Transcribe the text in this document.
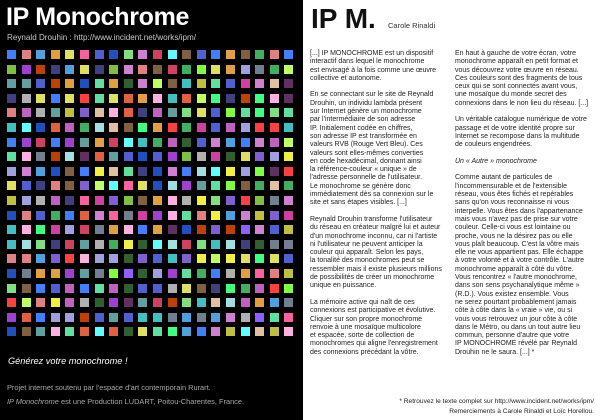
IP Monochrome
Reynald Drouhin : http://www.incident.net/works/ipm/
Générez votre monochrome !
Projet internet soutenu par l'espace d'art contemporain Rurart.
IP Monochrome est une Production LUDART, Poitou-Charentes, France.
IP M. Carole Rinaldi

[...] IP MONOCHROME est un dispositif
interactif dans lequel le monochrome
est envisagé à la fois comme une œuvre
collective et autonome.

En se connectant sur le site de Reynald
Drouhin, un individu lambda présent
sur Internet génère un monochrome
par l'intermédiaire de son adresse
IP. Initialement codée en chiffres,
son adresse IP est transformée en
valeurs RVB (Rouge Vert Bleu). Ces
valeurs sont elles-mêmes converties
en code hexadécimal, donnant ainsi
la référence-couleur « unique » de
l'adresse personnelle de l'utilisateur.
Le monochrome se génère donc
immédiatement dès sa connexion sur le
site et sans étapes visibles. [...]

Reynald Drouhin transforme l'utilisateur
du réseau en créateur malgré lui et auteur
d'un monochrome inconnu, car ni l'artiste
ni l'utilisateur ne peuvent anticiper la
couleur qui apparaît. Selon les pays,
la tonalité des monochromes peut se
ressembler mais il existe plusieurs millions
de possibilités de créer un monochrome
unique en puissance.

La mémoire active qui naît de ces
connexions est participative et évolutive.
Cliquer sur son propre monochrome
renvoie à une mosaïque multicolore
et espacée, sorte de collection de
monochromes qui aligne l'enregistrement
des connexions précédant la vôtre.

En haut à gauche de votre écran, votre
monochrome apparaît en petit format et
vous découvrez votre œuvre en réseau.
Ces couleurs sont des fragments de tous
ceux qui se sont connectés avant vous,
une mosaïque du monde secret des
connexions dans le non lieu du réseau. [...]

Un véritable catalogue numérique de votre
passage et de votre identité propre sur
Internet se recompose dans la multitude
de couleurs engendrées.

Un « Autre » monochrome

Comme autant de particules de
l'incommensurable et de l'extensible
réseau, vous êtes fichés et repérables
sans qu'on vous reconnaisse ni vous
interpelle. Vous êtes dans l'appartenance
mais vous n'avez pas de prise sur votre
couleur. Celle-ci vous est lointaine ou
proche, vous ne la désirez pas ou elle
vous plaît beaucoup. C'est la vôtre mais
elle ne vous appartient pas. Elle échappe
à votre volonté et à votre contrôle. L'autre
monochrome apparaît à côté du vôtre.
Vous rencontrez « l'autre monochrome,
dans son sens psychanalytique même »
(R.D.). Vous existez ensemble. Vous
ne serez pourtant probablement jamais
côte à côte dans la « vraie » vie, ou si
vous vous retrouvez un jour côte à côte
dans le Métro, ou dans un tout autre lieu
commun, personne d'autre que votre
IP MONOCHROME révélé par Reynald
Drouhin ne le saura. [...] *

* Retrouvez le texte complet sur http://www.incident.net/works/ipm/
Remerciements à Carole Rinaldi et Loïc Horellou.
